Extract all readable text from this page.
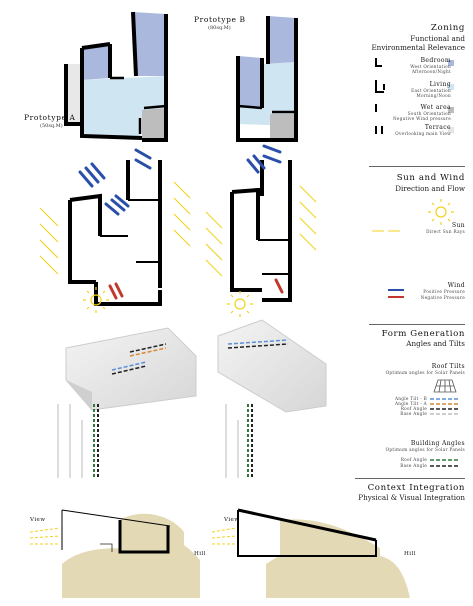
Prototype B
(80sq.M)
Prototype A
(50sq.M)
Zoning
Functional and Environmental Relevance
Bedroom
West Orientation
Afternoon/Night
Living
East Orientation
Morning/Noon
Wet area
South Orientation
Negative Wind pressure
Terrace
Overlooking main View
Sun and Wind
Direction and Flow
Sun
Direct Sun Rays
Wind
Positive Pressure
Negative Pressure
Form Generation
Angles and Tilts
Roof Tilts
Optimum angles for Solar Panels
Angle Tilt - B
Angle Tilt - A
Roof Angle
Base Angle
Building Angles
Optimum angles for Solar Panels
Roof Angle
Base Angle
Context Integration
Physical & Visual Integration
View	View
Hill	Hill
